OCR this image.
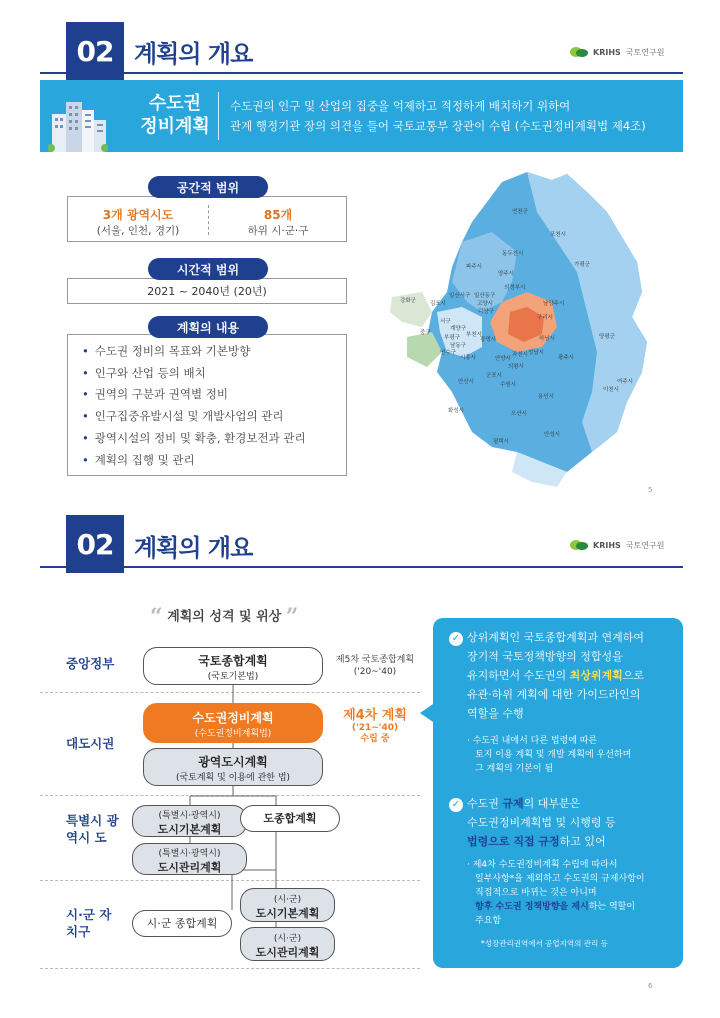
02 계획의 개요	KRIHS 국토연구원
수도권
정비계획
수도권의 인구 및 산업의 집중을 억제하고 적정하게 배치하기 위하여
관계 행정기관 장의 의견을 들어 국토교통부 장관이 수립 (수도권정비계획법 제4조)
3개 광역시도
(서울, 인천, 경기)
85개
하위 시·군·구
공간적 범위
2021 ~ 2040년 (20년)
시간적 범위
• 수도권 정비의 목표와 기본방향
• 인구와 산업 등의 배치
• 권역의 구분과 권역별 정비
• 인구집중유발시설 및 개발사업의 관리
• 광역시설의 정비 및 확충, 환경보전과 관리
• 계획의 집행 및 관리
계획의 내용
연천군
포천시
동두천시
파주시
양주시
가평군
의정부시
고양시	남양주시
김포시
강화군
일산서구 일산동구
덕양구
구리시
양평군
하남시
광주시
여주시
이천시
시흥시
광명시
안산시
군포시
의왕시
과천시 성남시
수원시
용인시
화성시	오산시
평택시
안성시
서구
계양구
부평구
남동구
연수구
중구
안양시
부천시
5
02 계획의 개요	KRIHS 국토연구원
“ 계획의 성격 및 위상 ”
중앙정부
대도시권
특별시 광역시 도
시·군 자치구
국토종합계획
(국토기본법)
제5차 국토종합계획
('20~'40)
수도권정비계획
(수도권정비계획법)
제4차 계획
('21~'40)
수립 중
광역도시계획
(국토계획 및 이용에 관한 법)
(특별시·광역시)
도시기본계획
도종합계획
(특별시·광역시)
도시관리계획
시·군 종합계획
(시·군)
도시기본계획
(시·군)
도시관리계획
✓ 상위계획인 국토종합계획과 연계하여
장기적 국토정책방향의 정합성을
유지하면서 수도권의 최상위계획으로
유관·하위 계획에 대한 가이드라인의
역할을 수행
· 수도권 내에서 다른 법령에 따른
토지 이용 계획 및 개발 계획에 우선하며
그 계획의 기본이 됨
✓ 수도권 규제의 대부분은
수도권정비계획법 및 시행령 등
법령으로 직접 규정하고 있어
· 제4차 수도권정비계획 수립에 따라서
일부사항*을 제외하고 수도권의 규제사항이
직접적으로 바뀌는 것은 아니며
향후 수도권 정책방향을 제시하는 역할이
주요함
*성장관리권역에서 공업지역의 관리 등
6
